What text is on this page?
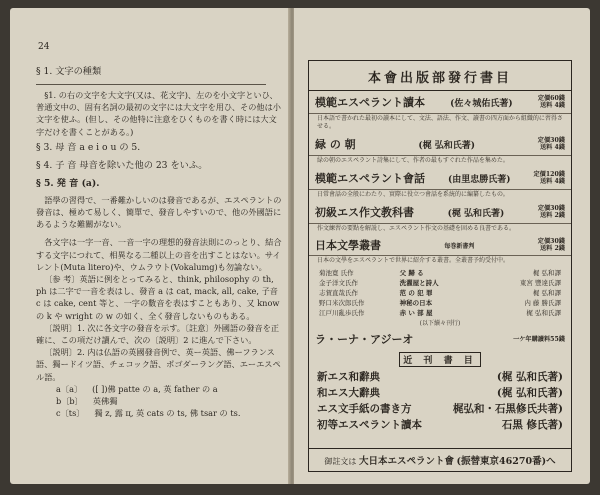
24
§ 1. 文字の種類

§1. の右の文字を大文字(又は、花文字)、左のを小文字といひ、普通文中の、固有名詞の最初の文字には大文字を用ひ、その他は小文字を使ふ。(但し、その他特に注意をひくものを書く時には大文字だけを書くことがある。)

§ 3. 母 音 a e i o u の 5.
§ 4. 子 音 母音を除いた他の 23 をいふ。
§ 5. 発 音 (a).

語學の習得で、一番難かしいのは發音であるが、エスペラントの發音は、極めて易しく、簡單で、發音しやすいので、他の外國語にあるような難關がない。

各文字は一字一音、一音一字の理想的發音法則にのっとり、結合する文字につれて、相異なる二種以上の音を出すことはない。サイレント(Muta litero)や、ウムラウト(Vokalumg)も勿論ない。

〔参 考〕英語に例をとってみると、think, philosophy の th, ph は二字で一音を表はし、發音 a は cat, mack, all, cake, 子音 c は cake, cent 等と、一字の數音を表はすこともあり、又 know の k や wright の w の如く、全く發音しないものもある。

〔説明〕1. 次に各文字の發音を示す。〔註意〕外國語の發音を正確に、この項だけ讀んで、次の〔説明〕2 に進んで下さい。

〔説明〕2. 内は仏語の英國發音例で、英ー英語、佛ーフランス語、獨ードイツ語、チェコック語、ポゴダーラング語、エーエスペル語。

a〔a〕 ([ ])佛 patte の a, 英 father の a
b〔b〕 英佛獨
c〔ts〕 獨 z, 露 ц, 英 cats の ts, 佛 tsar の ts.
本會出版部發行書目
模範エスペラント讀本	(佐々城佑氏著)	定價60錢
送料 4錢
日本語で書かれた最初の讀本にして、文法、語法、作文、讀書の四方面から組織的に習得させる。
緑 の 朝	(梶 弘和氏著)	定價30錢
送料 4錢
緑の朝のエスペラント詩集にして、作者の最もすぐれた作品を集めた。
模範エスペラント會話	(由里忠勝氏著)	定價120錢
送料 4錢
日常會話の全般にわたり、實際に役立つ會話を系統的に編纂したもの。
初級エス作文教科書	(梶 弘和氏著)	定價30錢
送料 2錢
作文練習の要點を解説し、エスペラント作文の基礎を固める良書である。
日本文學叢書	毎巻新書判
定價30錢
送料 2錢
日本の文學をエスペラントで世界に紹介する叢書。全叢書予約受付中。
菊池寛 氏作	父 歸 る	梶 弘和譯
金子洋文氏作	洗濯屋と詩人	東宮 豐達氏譯
志賀直哉氏作	范 の 犯 罪	梶 弘和譯
野口米次郎氏作	神秘の日本	内 藤 勝氏譯
江戸川亂歩氏作	赤 い 部 屋	梶 弘和氏譯
(以下續々刊行)
ラ・ーナ・アジーオ	一ケ年購讀料55錢
近 刊 書 目
新エス和辭典	(梶 弘和氏著)
和エス大辭典	(梶 弘和氏著)
エス文手紙の書き方	梶弘和・石黒修氏共著)
初等エスペラント讀本	石黒 修氏著)
御註文は 大日本エスペラント會 (振替東京46270番)へ
